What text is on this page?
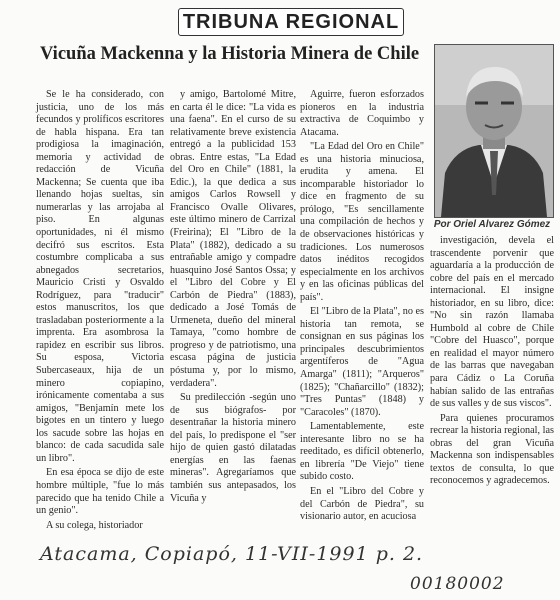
TRIBUNA REGIONAL
Vicuña Mackenna y la Historia Minera de Chile
Por Oriel Alvarez Gómez

Se le ha considerado, con justicia, uno de los más fecundos y prolíficos escritores de habla hispana. Era tan prodigiosa la imaginación, memoria y actividad de redacción de Vicuña Mackenna; Se cuenta que iba llenando hojas sueltas, sin numerarlas y las arrojaba al piso. En algunas oportunidades, ni él mismo decifró sus escritos. Esta costumbre complicaba a sus abnegados secretarios, Mauricio Cristi y Osvaldo Rodríguez, para "traducir" estos manuscritos, los que trasladaban posteriormente a la imprenta. Era asombrosa la rapidez en escribir sus libros. Su esposa, Victoria Subercaseaux, hija de un minero copiapino, irónicamente comentaba a sus amigos, "Benjamín mete los bigotes en un tintero y luego los sacude sobre las hojas en blanco: de cada sacudida sale un libro".

En esa época se dijo de este hombre múltiple, "fue lo más parecido que ha tenido Chile a un genio".

A su colega, historiador

y amigo, Bartolomé Mitre, en carta él le dice: "La vida es una faena". En el curso de su relativamente breve existencia entregó a la publicidad 153 obras. Entre estas, "La Edad del Oro en Chile" (1881, la Edic.), la que dedica a sus amigos Carlos Rowsell y Francisco Ovalle Olivares, este último minero de Carrizal (Freirina); El "Libro de la Plata" (1882), dedicado a su entrañable amigo y compadre huasquino José Santos Ossa; y el "Libro del Cobre y El Carbón de Piedra" (1883), dedicado a José Tomás de Urmeneta, dueño del mineral Tamaya, "como hombre de progreso y de patriotismo, una escasa página de justicia póstuma y, por lo mismo, verdadera".

Su predilección -según uno de sus biógrafos- por desentrañar la historia minero del país, lo predispone el "ser hijo de quien gastó dilatadas energías en las faenas mineras". Agregaríamos que también sus antepasados, los Vicuña y

Aguirre, fueron esforzados pioneros en la industria extractiva de Coquimbo y Atacama.

"La Edad del Oro en Chile" es una historia minuciosa, erudita y amena. El incomparable historiador lo dice en fragmento de su prólogo, "Es sencillamente una compilación de hechos y de observaciones históricas y tradiciones. Los numerosos datos inéditos recogidos especialmente en los archivos y en las oficinas públicas del país".

El "Libro de la Plata", no es historia tan remota, se consignan en sus páginas los principales descubrimientos argentíferos de "Agua Amarga" (1811); "Arqueros" (1825); "Chañarcillo" (1832); "Tres Puntas" (1848) y "Caracoles" (1870).

Lamentablemente, este interesante libro no se ha reeditado, es difícil obtenerlo, en librería "De Viejo" tiene subido costo.

En el "Libro del Cobre y del Carbón de Piedra", su visionario autor, en acuciosa

investigación, devela el trascendente porvenir que aguardaría a la producción de cobre del país en el mercado internacional. El insigne historiador, en su libro, dice: "No sin razón llamaba Humbold al cobre de Chile "Cobre del Huasco", porque en realidad el mayor número de las barras que navegaban para Cádiz o La Coruña habían salido de las entrañas de sus valles y de sus viscos".

Para quienes procuramos recrear la historia regional, las obras del gran Vicuña Mackenna son indispensables textos de consulta, lo que reconocemos y agradecemos.

Atacama, Copiapó, 11-VII-1991 p. 2.
00180002
